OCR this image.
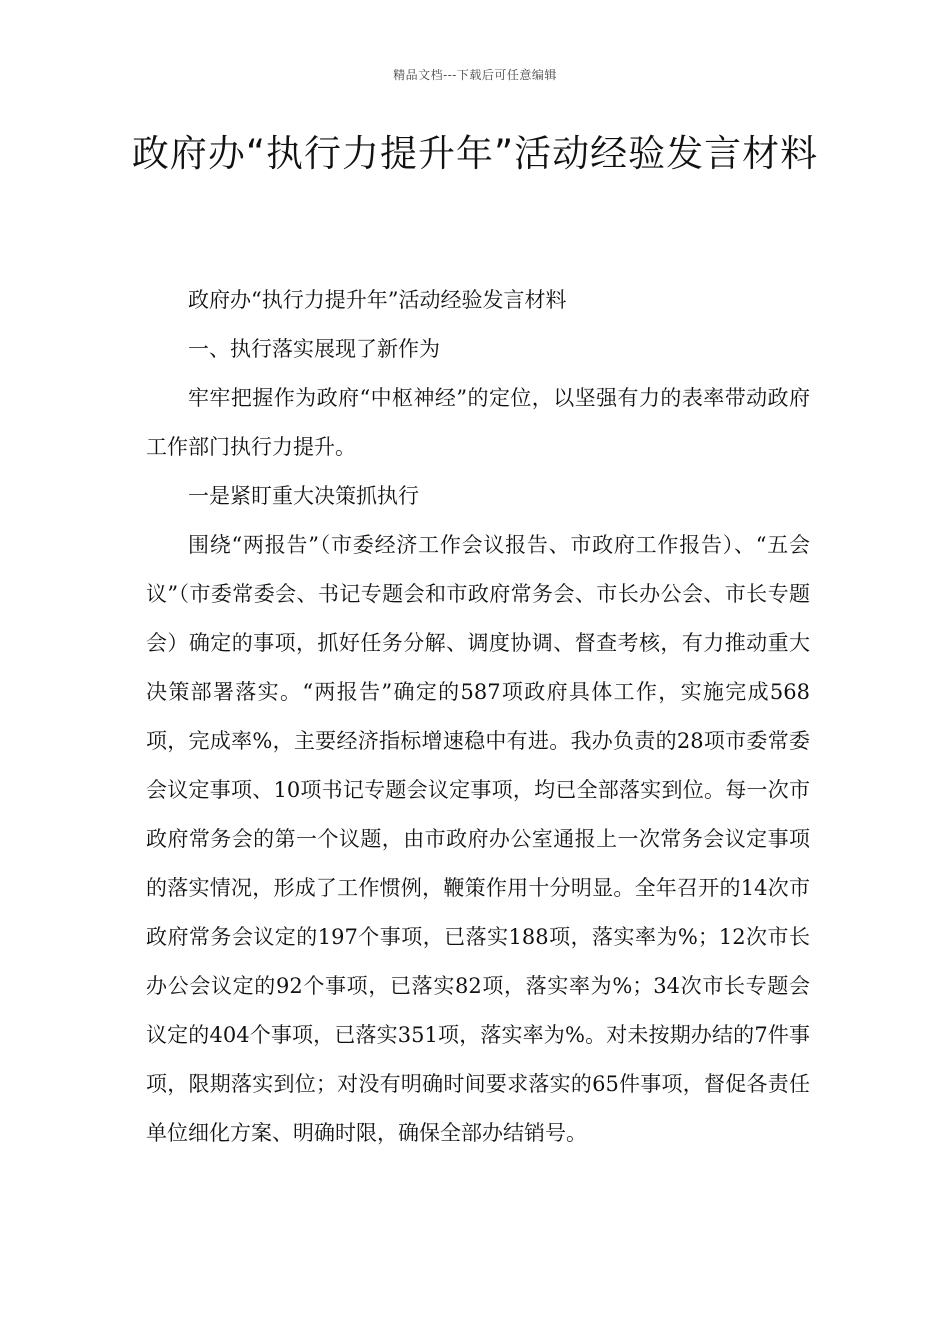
精品文档---下载后可任意编辑
政府办“执行力提升年”活动经验发言材料

政府办“执行力提升年”活动经验发言材料

一、执行落实展现了新作为

牢牢把握作为政府“中枢神经”的定位，以坚强有力的表率带动政府工作部门执行力提升。

一是紧盯重大决策抓执行

围绕“两报告”（市委经济工作会议报告、市政府工作报告）、“五会议”（市委常委会、书记专题会和市政府常务会、市长办公会、市长专题会）确定的事项，抓好任务分解、调度协调、督查考核，有力推动重大决策部署落实。“两报告”确定的587项政府具体工作，实施完成568项，完成率%，主要经济指标增速稳中有进。我办负责的28项市委常委会议定事项、10项书记专题会议定事项，均已全部落实到位。每一次市政府常务会的第一个议题，由市政府办公室通报上一次常务会议定事项的落实情况，形成了工作惯例，鞭策作用十分明显。全年召开的14次市政府常务会议定的197个事项，已落实188项，落实率为%；12次市长办公会议定的92个事项，已落实82项，落实率为%；34次市长专题会议定的404个事项，已落实351项，落实率为%。对未按期办结的7件事项，限期落实到位；对没有明确时间要求落实的65件事项，督促各责任单位细化方案、明确时限，确保全部办结销号。
